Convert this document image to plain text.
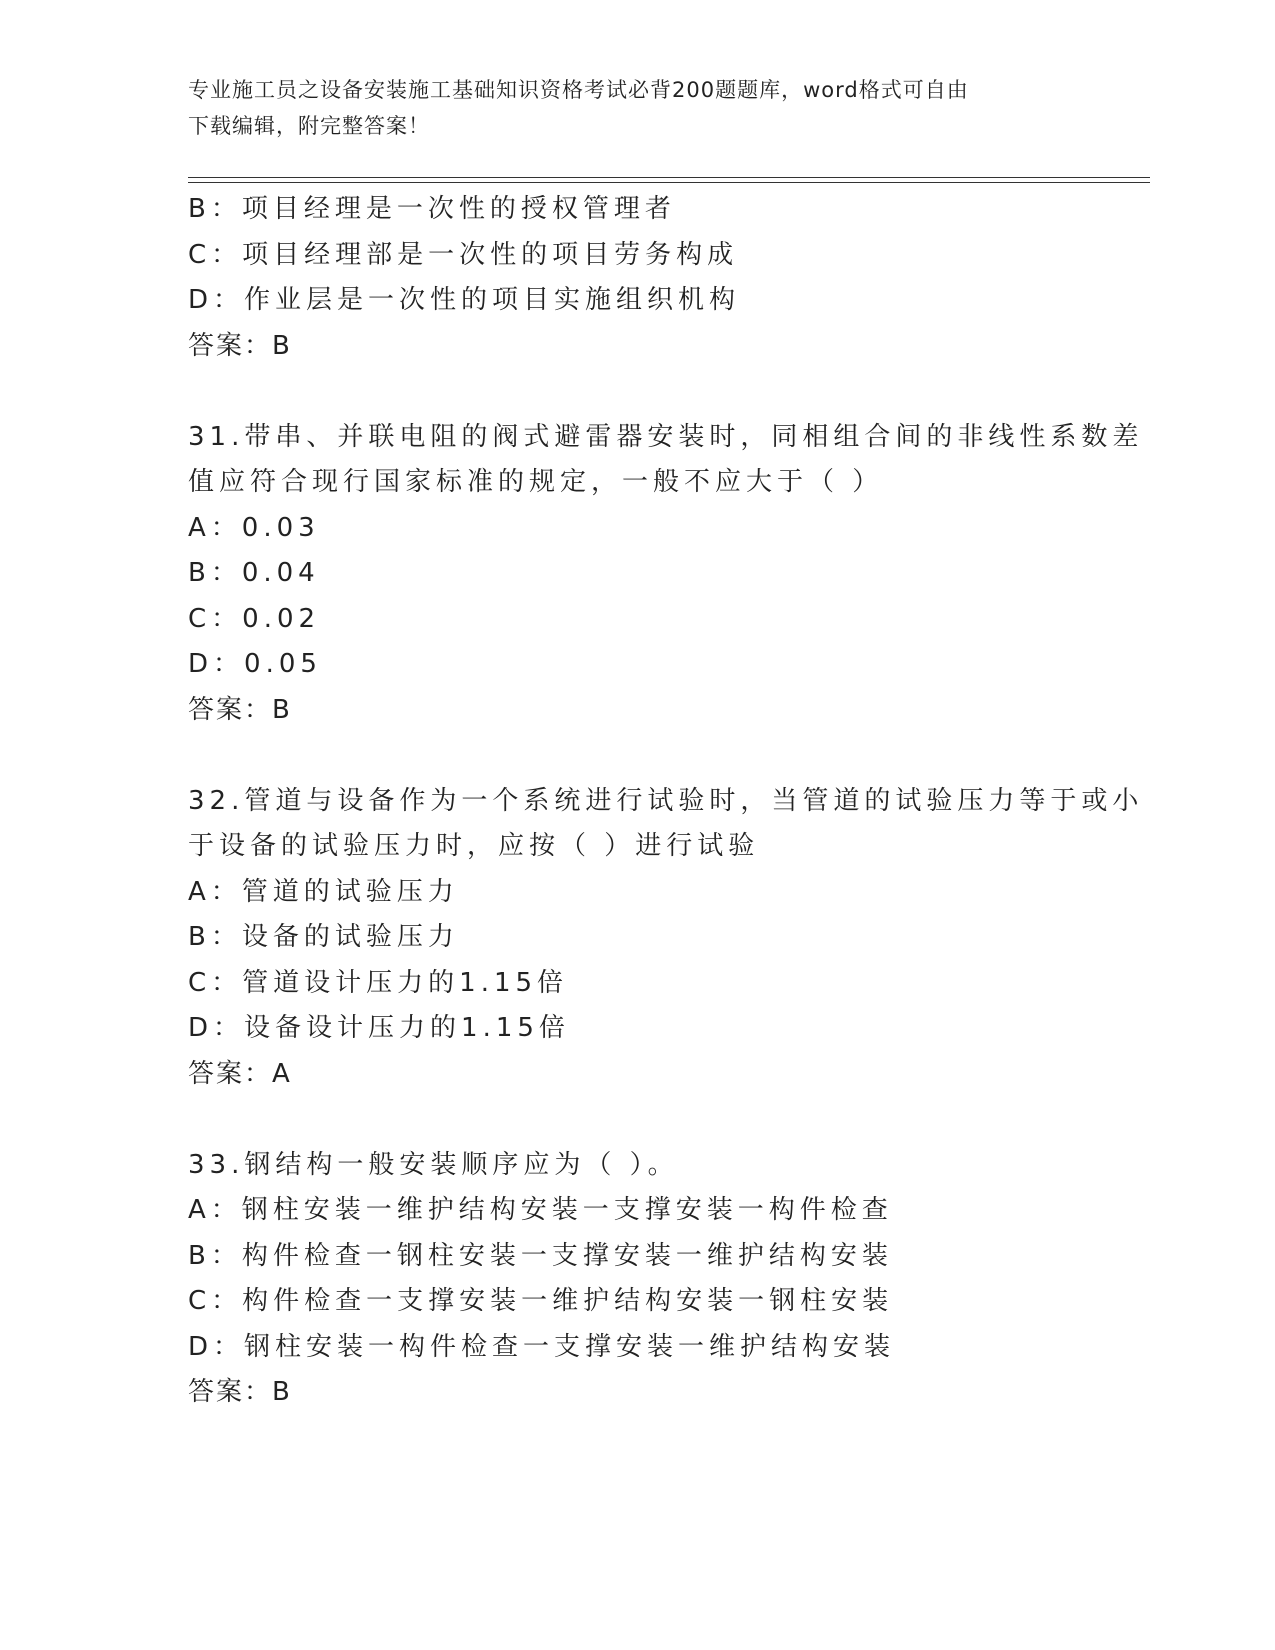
专业施工员之设备安装施工基础知识资格考试必背200题题库，word格式可自由
下载编辑，附完整答案！
B：项目经理是一次性的授权管理者
C：项目经理部是一次性的项目劳务构成
D：作业层是一次性的项目实施组织机构
答案：B
31.带串、并联电阻的阀式避雷器安装时，同相组合间的非线性系数差
值应符合现行国家标准的规定，一般不应大于（ ）
A：0.03
B：0.04
C：0.02
D：0.05
答案：B
32.管道与设备作为一个系统进行试验时，当管道的试验压力等于或小
于设备的试验压力时，应按（ ）进行试验
A：管道的试验压力
B：设备的试验压力
C：管道设计压力的1.15倍
D：设备设计压力的1.15倍
答案：A
33.钢结构一般安装顺序应为（ ）。
A：钢柱安装一维护结构安装一支撑安装一构件检查
B：构件检查一钢柱安装一支撑安装一维护结构安装
C：构件检查一支撑安装一维护结构安装一钢柱安装
D：钢柱安装一构件检查一支撑安装一维护结构安装
答案：B
